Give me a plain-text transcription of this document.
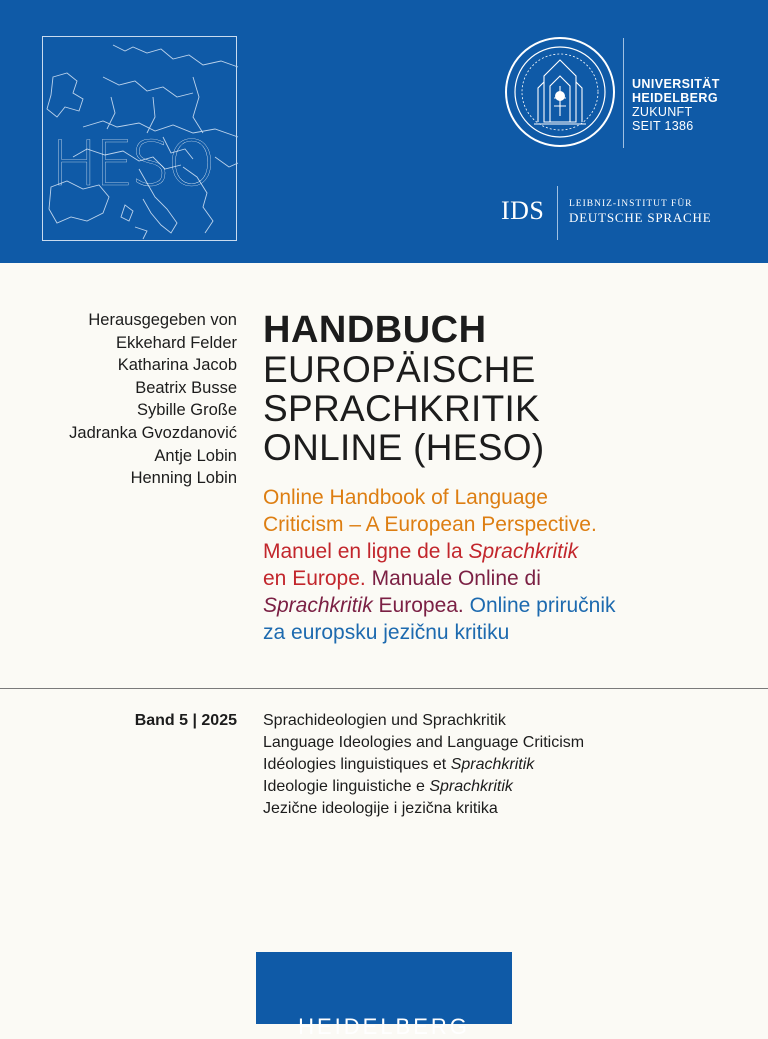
HESO
UNIVERSITÄT
HEIDELBERG
ZUKUNFT
SEIT 1386
IDS	LEIBNIZ-INSTITUT FÜR
DEUTSCHE SPRACHE
Herausgegeben von
Ekkehard Felder
Katharina Jacob
Beatrix Busse
Sybille Große
Jadranka Gvozdanović
Antje Lobin
Henning Lobin
HANDBUCH
EUROPÄISCHE
SPRACHKRITIK
ONLINE (HESO)
Online Handbook of Language
Criticism – A European Perspective.
Manuel en ligne de la Sprachkritik
en Europe. Manuale Online di
Sprachkritik Europea. Online priručnik
za europsku jezičnu kritiku
Band 5 | 2025 Sprachideologien und Sprachkritik
Language Ideologies and Language Criticism
Idéologies linguistiques et Sprachkritik
Ideologie linguistiche e Sprachkritik
Jezične ideologije i jezična kritika
HEIDELBERG
